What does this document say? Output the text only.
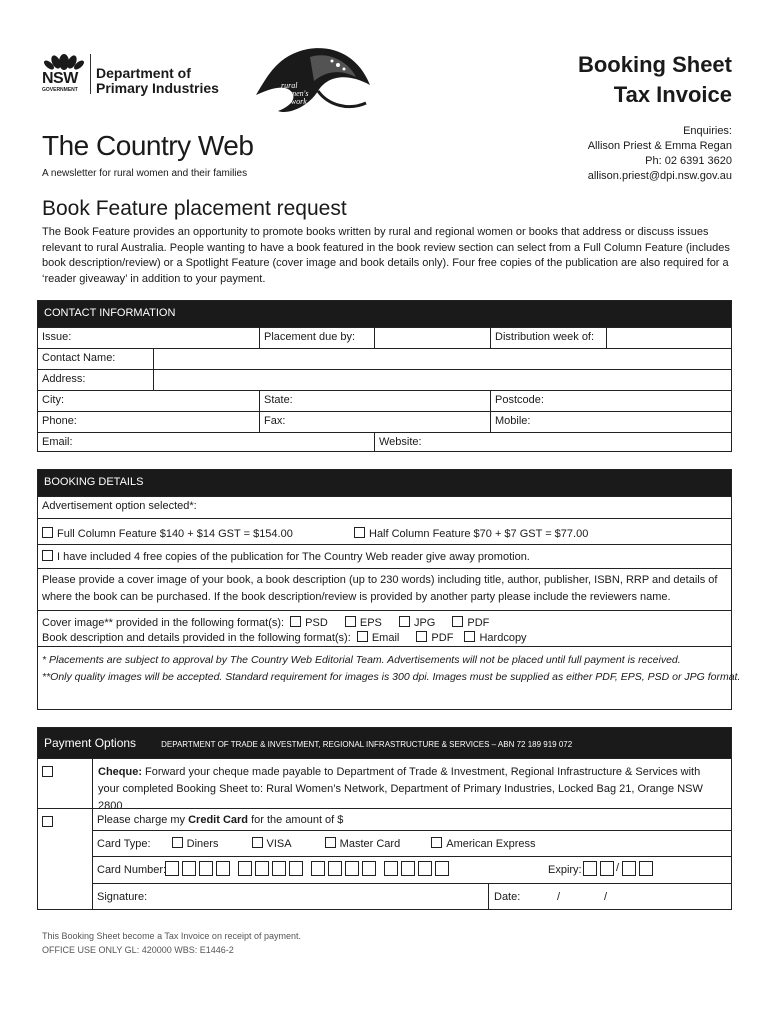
NSW
GOVERNMENT
Department of
Primary Industries	rural women's network
Booking Sheet
Tax Invoice
Enquiries:
Allison Priest & Emma Regan
Ph: 02 6391 3620
allison.priest@dpi.nsw.gov.au
The Country Web
A newsletter for rural women and their families
Book Feature placement request
The Book Feature provides an opportunity to promote books written by rural and regional women or books that address or discuss issues relevant to rural Australia. People wanting to have a book featured in the book review section can select from a Full Column Feature (includes book description/review) or a Spotlight Feature (cover image and book details only). Four free copies of the publication are also required for a ‘reader giveaway’ in addition to your payment.
CONTACT INFORMATION
Issue:	Placement due by:	Distribution week of:
Contact Name:
Address:
City:	State:	Postcode:
Phone:	Fax:	Mobile:
Email:	Website:
BOOKING DETAILS
Advertisement option selected*:
Full Column Feature $140 + $14 GST = $154.00	Half Column Feature $70 + $7 GST = $77.00
I have included 4 free copies of the publication for The Country Web reader give away promotion.
Please provide a cover image of your book, a book description (up to 230 words) including title, author, publisher, ISBN, RRP and details of where the book can be purchased. If the book description/review is provided by another party please include the reviewers name.
Cover image** provided in the following format(s): PSD	EPS	JPG	PDF
Book description and details provided in the following format(s): Email	PDF Hardcopy
* Placements are subject to approval by The Country Web Editorial Team. Advertisements will not be placed until full payment is received.
**Only quality images will be accepted. Standard requirement for images is 300 dpi. Images must be supplied as either PDF, EPS, PSD or JPG format.
Payment Options	DEPARTMENT OF TRADE & INVESTMENT, REGIONAL INFRASTRUCTURE & SERVICES – ABN 72 189 919 072
Cheque: Forward your cheque made payable to Department of Trade & Investment, Regional Infrastructure & Services with your completed Booking Sheet to: Rural Women’s Network, Department of Primary Industries, Locked Bag 21, Orange NSW 2800
Please charge my Credit Card for the amount of $
Card Type:	Diners	VISA	Master Card	American Express
Card Number:	Expiry:	/
Signature:	Date:	/	/
This Booking Sheet become a Tax Invoice on receipt of payment.
OFFICE USE ONLY GL: 420000 WBS: E1446-2
